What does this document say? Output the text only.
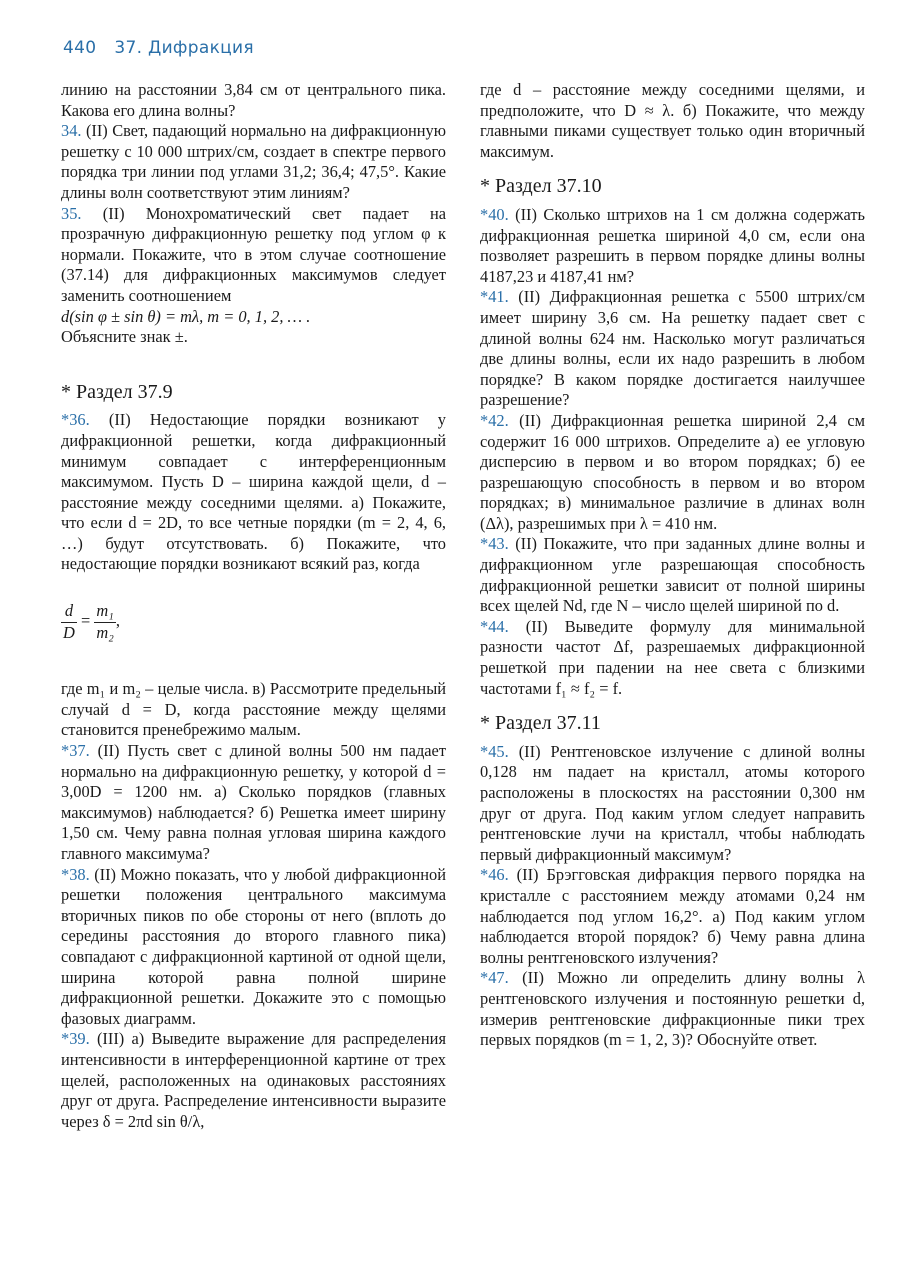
440 37. Дифракция

линию на расстоянии 3,84 см от центрального пика. Какова его длина волны?

34. (II) Свет, падающий нормально на дифракционную решетку с 10 000 штрих/см, создает в спектре первого порядка три линии под углами 31,2; 36,4; 47,5°. Какие длины волн соответствуют этим линиям?

35. (II) Монохроматический свет падает на прозрачную дифракционную решетку под углом φ к нормали. Покажите, что в этом случае соотношение (37.14) для дифракционных максимумов следует заменить соотношением

d(sin φ ± sin θ) = mλ, m = 0, 1, 2, … .

Объясните знак ±.

* Раздел 37.9

*36. (II) Недостающие порядки возникают у дифракционной решетки, когда дифракционный минимум совпадает с интерференционным максимумом. Пусть D – ширина каждой щели, d – расстояние между соседними щелями. а) Покажите, что если d = 2D, то все четные порядки (m = 2, 4, 6, …) будут отсутствовать. б) Покажите, что недостающие порядки возникают всякий раз, когда

$\frac{d}{D} = \frac{\text{m₁}}{\text{m₂}}$ ,

где m₁ и m₂ – целые числа. в) Рассмотрите предельный случай d = D, когда расстояние между щелями становится пренебрежимо малым.

*37. (II) Пусть свет с длиной волны 500 нм падает нормально на дифракционную решетку, у которой d = 3,00D = 1200 нм. а) Сколько порядков (главных максимумов) наблюдается? б) Решетка имеет ширину 1,50 см. Чему равна полная угловая ширина каждого главного максимума?

*38. (II) Можно показать, что у любой дифракционной решетки положения центрального максимума вторичных пиков по обе стороны от него (вплоть до середины расстояния до второго главного пика) совпадают с дифракционной картиной от одной щели, ширина которой равна полной ширине дифракционной решетки. Докажите это с помощью фазовых диаграмм.

*39. (III) а) Выведите выражение для распределения интенсивности в интерференционной картине от трех щелей, расположенных на одинаковых расстояниях друг от друга. Распределение интенсивности выразите через δ = 2πd sin θ/λ,

где d – расстояние между соседними щелями, и предположите, что D ≈ λ. б) Покажите, что между главными пиками существует только один вторичный максимум.

* Раздел 37.10

*40. (II) Сколько штрихов на 1 см должна содержать дифракционная решетка шириной 4,0 см, если она позволяет разрешить в первом порядке длины волны 4187,23 и 4187,41 нм?

*41. (II) Дифракционная решетка с 5500 штрих/см имеет ширину 3,6 см. На решетку падает свет с длиной волны 624 нм. Насколько могут различаться две длины волны, если их надо разрешить в любом порядке? В каком порядке достигается наилучшее разрешение?

*42. (II) Дифракционная решетка шириной 2,4 см содержит 16 000 штрихов. Определите а) ее угловую дисперсию в первом и во втором порядках; б) ее разрешающую способность в первом и во втором порядках; в) минимальное различие в длинах волн (Δλ), разрешимых при λ = 410 нм.

*43. (II) Покажите, что при заданных длине волны и дифракционном угле разрешающая способность дифракционной решетки зависит от полной ширины всех щелей Nd, где N – число щелей шириной по d.

*44. (II) Выведите формулу для минимальной разности частот Δf, разрешаемых дифракционной решеткой при падении на нее света с близкими частотами f₁ ≈ f₂ = f.

* Раздел 37.11

*45. (II) Рентгеновское излучение с длиной волны 0,128 нм падает на кристалл, атомы которого расположены в плоскостях на расстоянии 0,300 нм друг от друга. Под каким углом следует направить рентгеновские лучи на кристалл, чтобы наблюдать первый дифракционный максимум?

*46. (II) Брэгговская дифракция первого порядка на кристалле с расстоянием между атомами 0,24 нм наблюдается под углом 16,2°. а) Под каким углом наблюдается второй порядок? б) Чему равна длина волны рентгеновского излучения?

*47. (II) Можно ли определить длину волны λ рентгеновского излучения и постоянную решетки d, измерив рентгеновские дифракционные пики трех первых порядков (m = 1, 2, 3)? Обоснуйте ответ.
